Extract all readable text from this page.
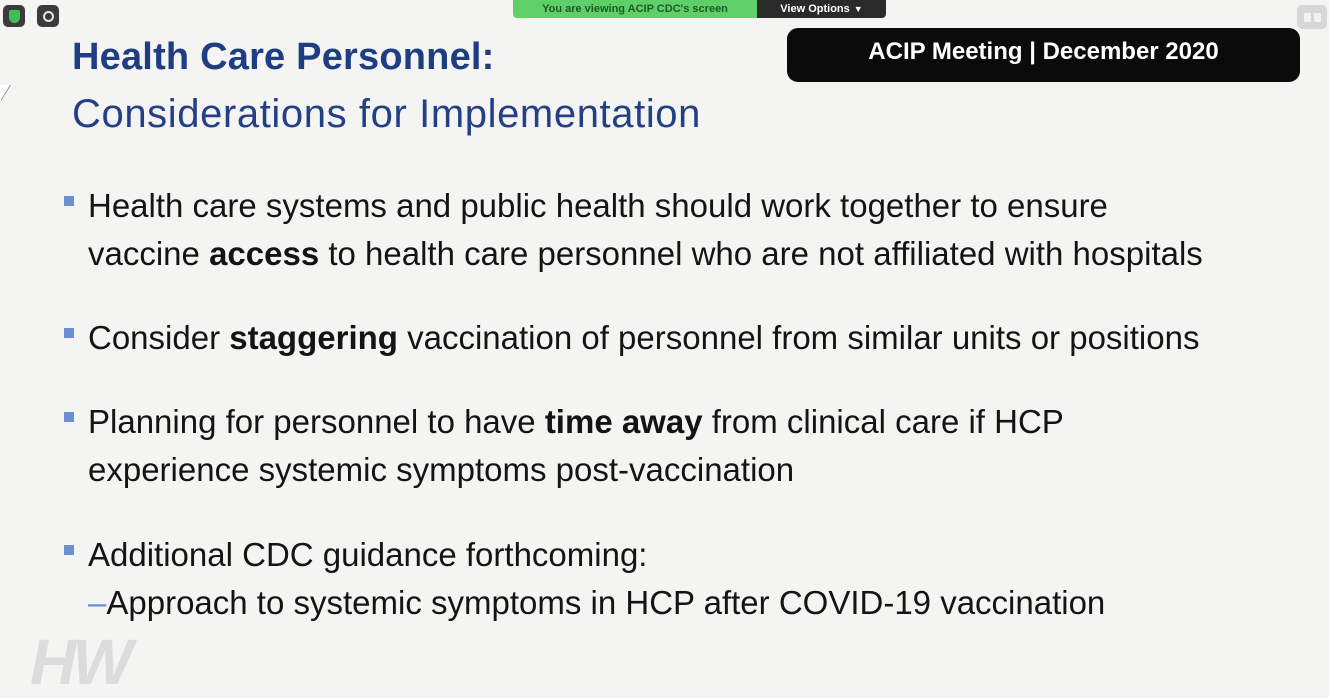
You are viewing ACIP CDC's screen	View Options ▼
ACIP Meeting | December 2020
Health Care Personnel:
Considerations for Implementation
Health care systems and public health should work together to ensure
vaccine access to health care personnel who are not affiliated with hospitals
Consider staggering vaccination of personnel from similar units or positions
Planning for personnel to have time away from clinical care if HCP
experience systemic symptoms post-vaccination
Additional CDC guidance forthcoming:
–Approach to systemic symptoms in HCP after COVID-19 vaccination
HW
